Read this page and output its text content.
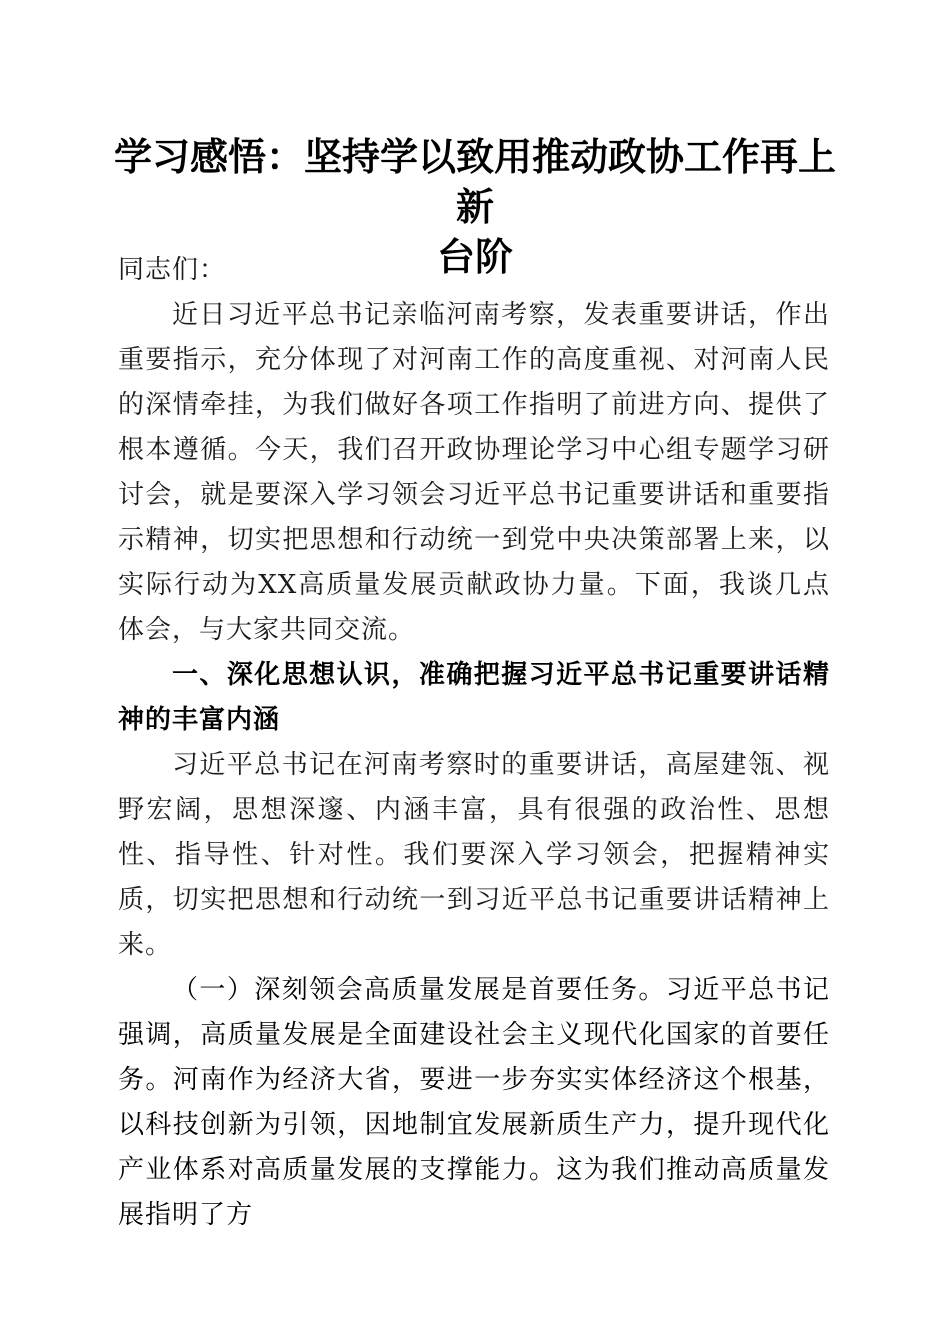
学习感悟：坚持学以致用推动政协工作再上新
台阶

同志们：

近日习近平总书记亲临河南考察，发表重要讲话，作出重要指示，充分体现了对河南工作的高度重视、对河南人民的深情牵挂，为我们做好各项工作指明了前进方向、提供了根本遵循。今天，我们召开政协理论学习中心组专题学习研讨会，就是要深入学习领会习近平总书记重要讲话和重要指示精神，切实把思想和行动统一到党中央决策部署上来，以实际行动为XX高质量发展贡献政协力量。下面，我谈几点体会，与大家共同交流。

一、深化思想认识，准确把握习近平总书记重要讲话精神的丰富内涵

习近平总书记在河南考察时的重要讲话，高屋建瓴、视野宏阔，思想深邃、内涵丰富，具有很强的政治性、思想性、指导性、针对性。我们要深入学习领会，把握精神实质，切实把思想和行动统一到习近平总书记重要讲话精神上来。

（一）深刻领会高质量发展是首要任务。习近平总书记强调，高质量发展是全面建设社会主义现代化国家的首要任务。河南作为经济大省，要进一步夯实实体经济这个根基，以科技创新为引领，因地制宜发展新质生产力，提升现代化产业体系对高质量发展的支撑能力。这为我们推动高质量发展指明了方
